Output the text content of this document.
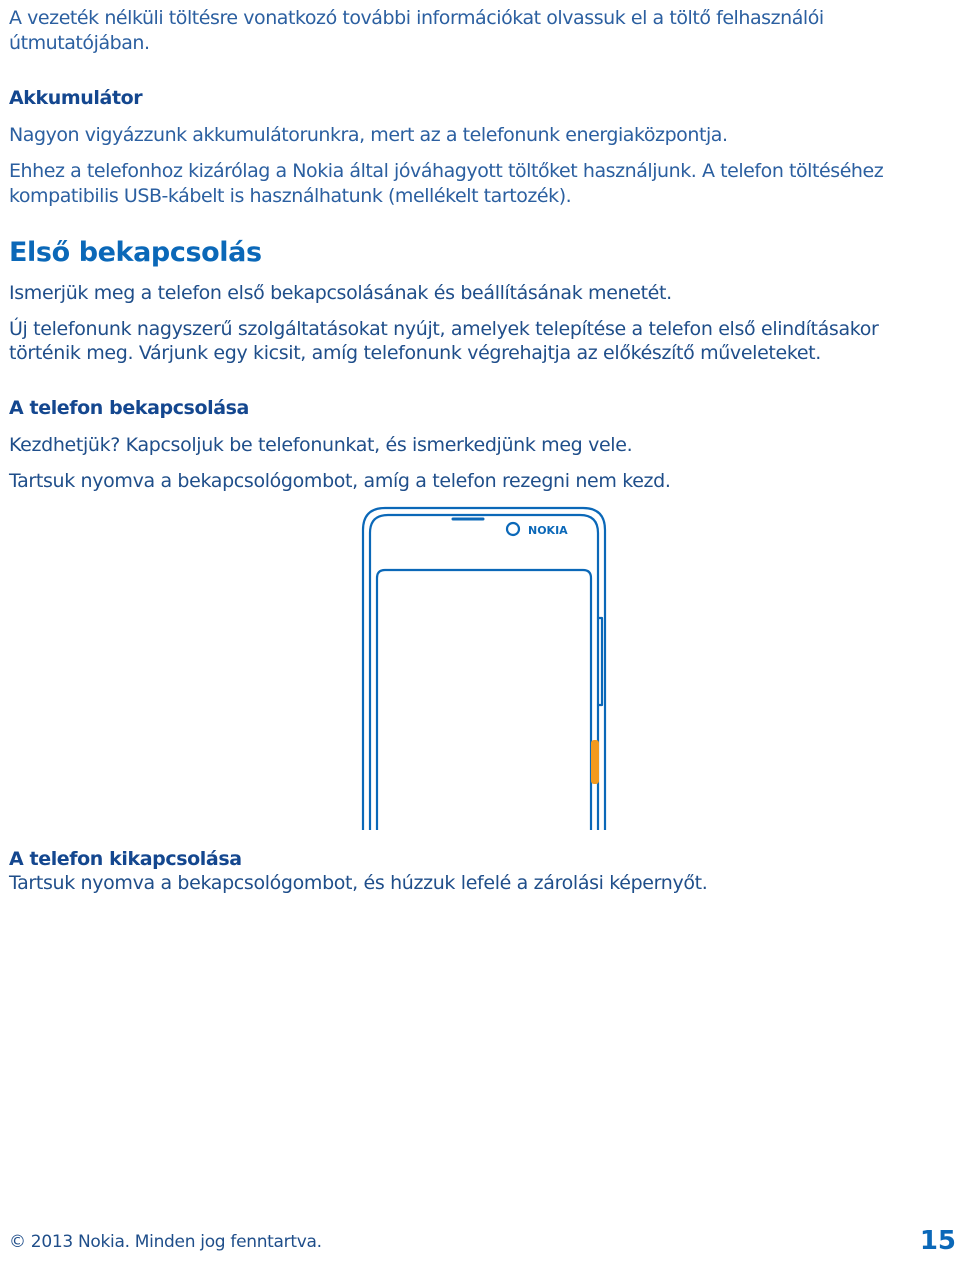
A vezeték nélküli töltésre vonatkozó további információkat olvassuk el a töltő felhasználói

útmutatójában.

Akkumulátor

Nagyon vigyázzunk akkumulátorunkra, mert az a telefonunk energiaközpontja.

Ehhez a telefonhoz kizárólag a Nokia által jóváhagyott töltőket használjunk. A telefon töltéséhez

kompatibilis USB-kábelt is használhatunk (mellékelt tartozék).

Első bekapcsolás

Ismerjük meg a telefon első bekapcsolásának és beállításának menetét.

Új telefonunk nagyszerű szolgáltatásokat nyújt, amelyek telepítése a telefon első elindításakor

történik meg. Várjunk egy kicsit, amíg telefonunk végrehajtja az előkészítő műveleteket.

A telefon bekapcsolása

Kezdhetjük? Kapcsoljuk be telefonunkat, és ismerkedjünk meg vele.

Tartsuk nyomva a bekapcsológombot, amíg a telefon rezegni nem kezd.

NOKIA

A telefon kikapcsolása

Tartsuk nyomva a bekapcsológombot, és húzzuk lefelé a zárolási képernyőt.

© 2013 Nokia. Minden jog fenntartva.	15
